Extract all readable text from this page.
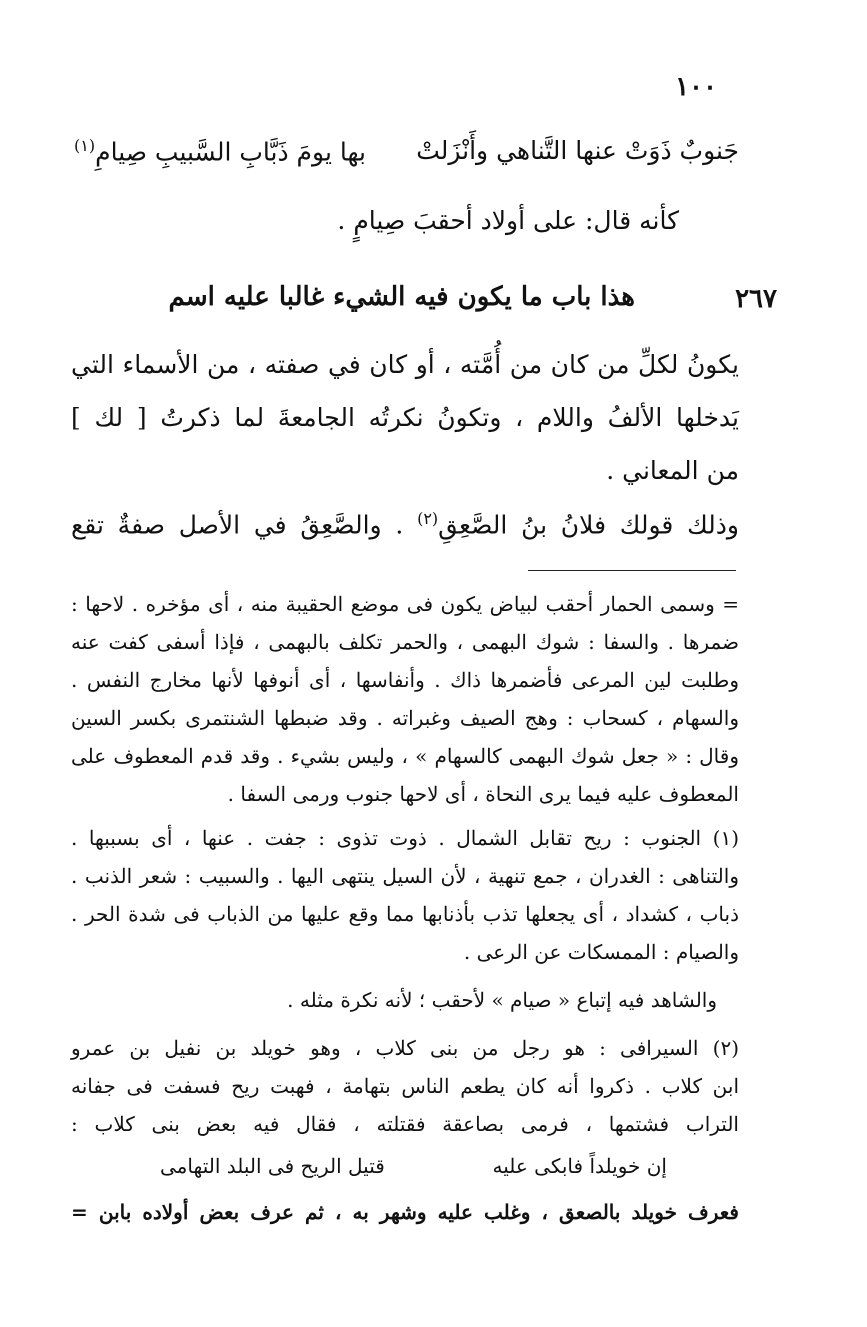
١٠٠
جَنوبٌ ذَوَتْ عنها التَّناهي وأَنْزَلتْ
بها يومَ ذَبَّابِ السَّبيبِ صِيامِ$^{(١)}$
كأنه قال: على أولاد أحقبَ صِيامٍ .
٢٦٧
هذا باب ما يكون فيه الشيء غالبا عليه اسم
يكونُ لكلِّ من كان من أُمَّته ، أو كان في صفته ، من الأسماء التي
يَدخلها الألفُ واللام ، وتكونُ نكرتُه الجامعةَ لما ذكرتُ [ لك ]
من المعاني .
وذلك قولك فلانُ بنُ الصَّعِقِ$^{(٢)}$ . والصَّعِقُ في الأصل صفةٌ تقع
= وسمى الحمار أحقب لبياض يكون فى موضع الحقيبة منه ، أى مؤخره . لاحها :
ضمرها . والسفا : شوك البهمى ، والحمر تكلف بالبهمى ، فإذا أسفى كفت عنه
وطلبت لين المرعى فأضمرها ذاك . وأنفاسها ، أى أنوفها لأنها مخارج النفس .
والسهام ، كسحاب : وهج الصيف وغبراته . وقد ضبطها الشنتمرى بكسر السين
وقال : « جعل شوك البهمى كالسهام » ، وليس بشيء . وقد قدم المعطوف على
المعطوف عليه فيما يرى النحاة ، أى لاحها جنوب ورمى السفا .
(١) الجنوب : ريح تقابل الشمال . ذوت تذوى : جفت . عنها ، أى بسببها .
والتناهى : الغدران ، جمع تنهية ، لأن السيل ينتهى اليها . والسبيب : شعر الذنب .
ذباب ، كشداد ، أى يجعلها تذب بأذنابها مما وقع عليها من الذباب فى شدة الحر .
والصيام : الممسكات عن الرعى .
والشاهد فيه إتباع « صيام » لأحقب ؛ لأنه نكرة مثله .
(٢) السيرافى : هو رجل من بنى كلاب ، وهو خويلد بن نفيل بن عمرو
ابن كلاب . ذكروا أنه كان يطعم الناس بتهامة ، فهبت ريح فسفت فى جفانه
التراب فشتمها ، فرمى بصاعقة فقتلته ، فقال فيه بعض بنى كلاب :
إن خويلداً فابكى عليه
قتيل الريح فى البلد التهامى
فعرف خويلد بالصعق ، وغلب عليه وشهر به ، ثم عرف بعض أولاده بابن =
